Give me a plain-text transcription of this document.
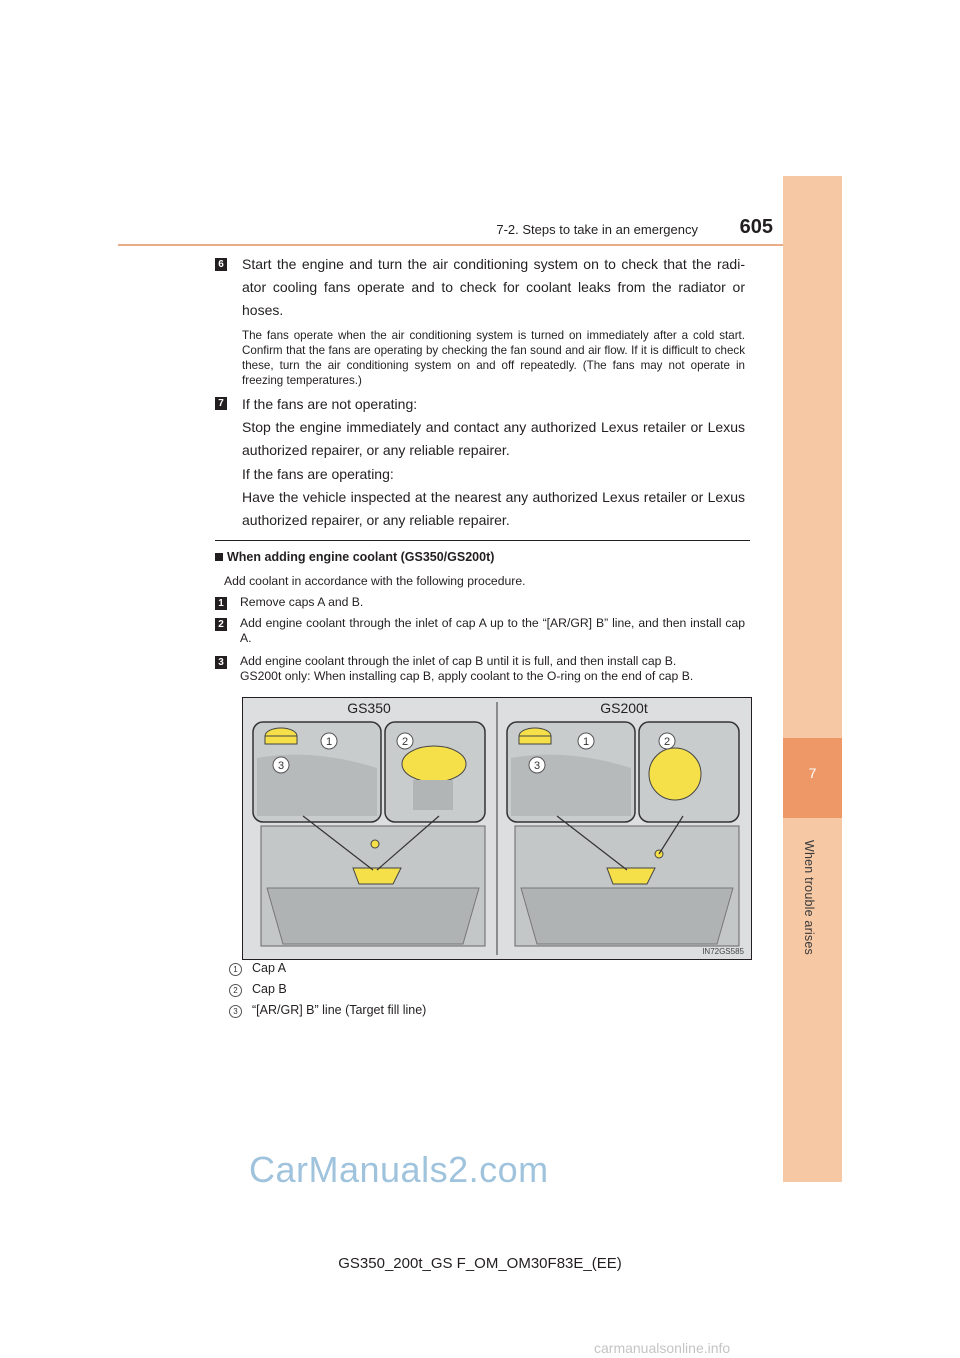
7
When trouble arises
7-2. Steps to take in an emergency 605
6 Start the engine and turn the air conditioning system on to check that the radi-ator cooling fans operate and to check for coolant leaks from the radiator or hoses.
The fans operate when the air conditioning system is turned on immediately after a cold start. Confirm that the fans are operating by checking the fan sound and air flow. If it is difficult to check these, turn the air conditioning system on and off repeatedly. (The fans may not operate in freezing temperatures.)
7 If the fans are not operating:
Stop the engine immediately and contact any authorized Lexus retailer or Lexus authorized repairer, or any reliable repairer.
If the fans are operating:
Have the vehicle inspected at the nearest any authorized Lexus retailer or Lexus authorized repairer, or any reliable repairer.
When adding engine coolant (GS350/GS200t)
Add coolant in accordance with the following procedure.
1 Remove caps A and B.
2 Add engine coolant through the inlet of cap A up to the “[AR/GR] B” line, and then install cap A.
3 Add engine coolant through the inlet of cap B until it is full, and then install cap B.
GS200t only: When installing cap B, apply coolant to the O-ring on the end of cap B.
1	2
3
1	2
3
GS350	GS200t
IN72GS585
1	Cap A
2	Cap B
3	“[AR/GR] B” line (Target fill line)
CarManuals2.com
GS350_200t_GS F_OM_OM30F83E_(EE)
carmanualsonline.info
